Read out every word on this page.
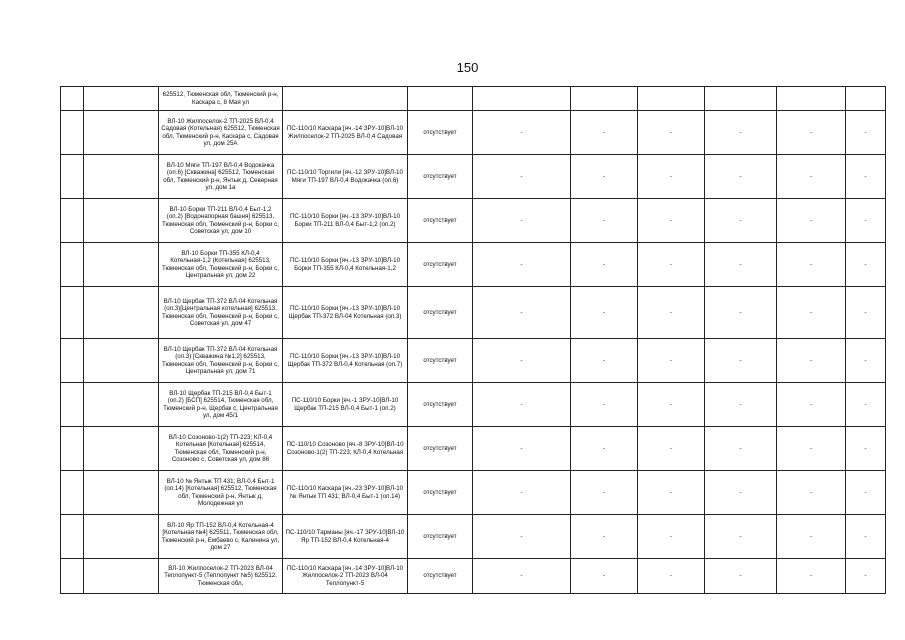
150
		625512, Тюменская обл, Тюменский р-н, Каскара с, 8 Мая ул								
		ВЛ-10 Жилпоселок-2 ТП-2025 ВЛ-0,4 Садовая (Котельная) 625512, Тюменская обл, Тюменский р-н, Каскара с, Садовая ул, дом 25А	ПС-110/10 Каскара [яч.-14 ЗРУ-10]ВЛ-10 Жилпоселок-2 ТП-2025 ВЛ-0,4 Садовая	отсутствует	-	-	-	-	-	-
		ВЛ-10 Мяги ТП-197 ВЛ-0,4 Водокачка (оп.6) [Скважина] 625512, Тюменская обл, Тюменский р-н, Янтык д, Северная ул, дом 1а	ПС-110/10 Торгили [яч.-12 ЗРУ-10]ВЛ-10 Мяги ТП-197 ВЛ-0,4 Водокачка (оп.6)	отсутствует	-	-	-	-	-	-
		ВЛ-10 Борки ТП-211 ВЛ-0,4 Быт-1,2 (оп.2) [Водонапорная башня] 625513, Тюменская обл, Тюменский р-н, Борки с, Советская ул, дом 10	ПС-110/10 Борки [яч.-13 ЗРУ-10]ВЛ-10 Борки ТП-211 ВЛ-0,4 Быт-1,2 (оп.2)	отсутствует	-	-	-	-	-	-
		ВЛ-10 Борки ТП-355 КЛ-0,4 Котельная-1,2 (Котельная) 625513, Тюменская обл, Тюменский р-н, Борки с, Центральная ул, дом 22	ПС-110/10 Борки [яч.-13 ЗРУ-10]ВЛ-10 Борки ТП-355 КЛ-0,4 Котельная-1,2	отсутствует	-	-	-	-	-	-
		ВЛ-10 Щербак ТП-372 ВЛ-04 Котельная (оп.3)[Центральная котельная] 625513, Тюменская обл, Тюменский р-н, Борки с, Советская ул, дом 47	ПС-110/10 Борки [яч.-13 ЗРУ-10]ВЛ-10 Щербак ТП-372 ВЛ-04 Котельная (оп.3)	отсутствует	-	-	-	-	-	-
		ВЛ-10 Щербак ТП-372 ВЛ-04 Котельная (оп.3) [Скважина №1,2] 625513, Тюменская обл, Тюменский р-н, Борки с, Центральная ул, дом 71	ПС-110/10 Борки [яч.-13 ЗРУ-10]ВЛ-10 Щербак ТП-372 ВЛ-0,4 Котельная (оп.7)	отсутствует	-	-	-	-	-	-
		ВЛ-10 Щербак ТП-215 ВЛ-0,4 Быт-1 (оп.2) [БСП] 625514, Тюменская обл, Тюменский р-н, Щербак с, Центральная ул, дом 45/1	ПС-110/10 Борки [яч.-1 ЗРУ-10]ВЛ-10 Щербак ТП-215 ВЛ-0,4 Быт-1 (оп.2)	отсутствует	-	-	-	-	-	-
		ВЛ-10 Созоново-1(2) ТП-223; КЛ-0,4 Котельная [Котельная] 625514, Тюменская обл, Тюменский р-н, Созоново с, Советская ул, дом 86	ПС-110/10 Созоново [яч.-8 ЗРУ-10]ВЛ-10 Созоново-1(2) ТП-223; КЛ-0,4 Котельная	отсутствует	-	-	-	-	-	-
		ВЛ-10 № Янтык ТП 431; ВЛ-0,4 Быт-1 (оп.14) [Котельная] 625512, Тюменская обл, Тюменский р-н, Янтык д, Молодежная ул	ПС-110/10 Каскара [яч.-23 ЗРУ-10]ВЛ-10 № Янтык ТП 431; ВЛ-0,4 Быт-1 (оп.14)	отсутствует	-	-	-	-	-	-
		ВЛ-10 Яр ТП-152 ВЛ-0,4 Котельная-4 [Котельная №4] 625511, Тюменская обл, Тюменский р-н, Ембаево с, Калинина ул, дом 27	ПС-110/10 Тарманы [яч.-17 ЗРУ-10]ВЛ-10 Яр ТП-152 ВЛ-0,4 Котельная-4	отсутствует	-	-	-	-	-	-
		ВЛ-10 Жилпоселок-2 ТП-2023 ВЛ-04 Теплопункт-5 (Теплопункт №5) 625512, Тюменская обл,	ПС-110/10 Каскара [яч.-14 ЗРУ-10]ВЛ-10 Жилпоселок-2 ТП-2023 ВЛ-04 Теплопункт-5	отсутствует	-	-	-	-	-	-
